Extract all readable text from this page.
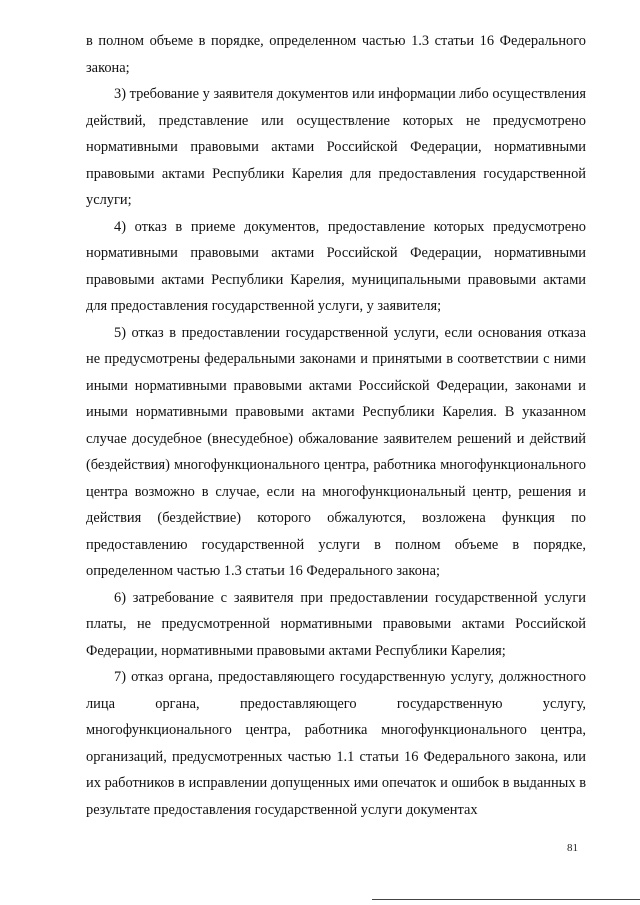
в полном объеме в порядке, определенном частью 1.3 статьи 16 Федерального закона;

3) требование у заявителя документов или информации либо осуществления действий, представление или осуществление которых не предусмотрено нормативными правовыми актами Российской Федерации, нормативными правовыми актами Республики Карелия для предоставления государственной услуги;

4) отказ в приеме документов, предоставление которых предусмотрено нормативными правовыми актами Российской Федерации, нормативными правовыми актами Республики Карелия, муниципальными правовыми актами для предоставления государственной услуги, у заявителя;

5) отказ в предоставлении государственной услуги, если основания отказа не предусмотрены федеральными законами и принятыми в соответствии с ними иными нормативными правовыми актами Российской Федерации, законами и иными нормативными правовыми актами Республики Карелия. В указанном случае досудебное (внесудебное) обжалование заявителем решений и действий (бездействия) многофункционального центра, работника многофункционального центра возможно в случае, если на многофункциональный центр, решения и действия (бездействие) которого обжалуются, возложена функция по предоставлению государственной услуги в полном объеме в порядке, определенном частью 1.3 статьи 16 Федерального закона;

6) затребование с заявителя при предоставлении государственной услуги платы, не предусмотренной нормативными правовыми актами Российской Федерации, нормативными правовыми актами Республики Карелия;

7) отказ органа, предоставляющего государственную услугу, должностного лица органа, предоставляющего государственную услугу, многофункционального центра, работника многофункционального центра, организаций, предусмотренных частью 1.1 статьи 16 Федерального закона, или их работников в исправлении допущенных ими опечаток и ошибок в выданных в результате предоставления государственной услуги документах

81
